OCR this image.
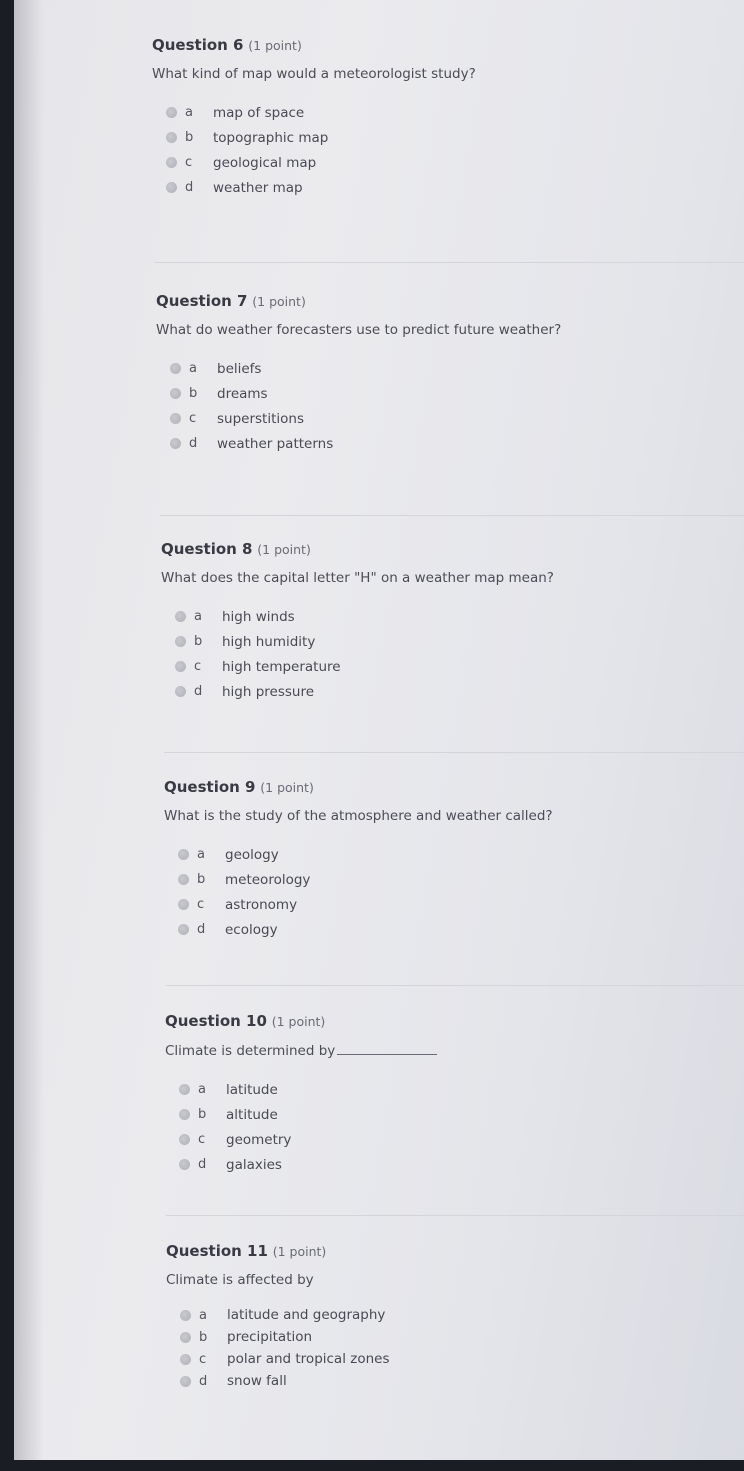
Question 6 (1 point)
What kind of map would a meteorologist study?
a	map of space
b	topographic map
c	geological map
d	weather map
Question 7 (1 point)
What do weather forecasters use to predict future weather?
a	beliefs
b	dreams
c	superstitions
d	weather patterns
Question 8 (1 point)
What does the capital letter "H" on a weather map mean?
a	high winds
b	high humidity
c	high temperature
d	high pressure
Question 9 (1 point)
What is the study of the atmosphere and weather called?
a	geology
b	meteorology
c	astronomy
d	ecology
Question 10 (1 point)
Climate is determined by
a	latitude
b	altitude
c	geometry
d	galaxies
Question 11 (1 point)
Climate is affected by
a	latitude and geography
b	precipitation
c	polar and tropical zones
d	snow fall
